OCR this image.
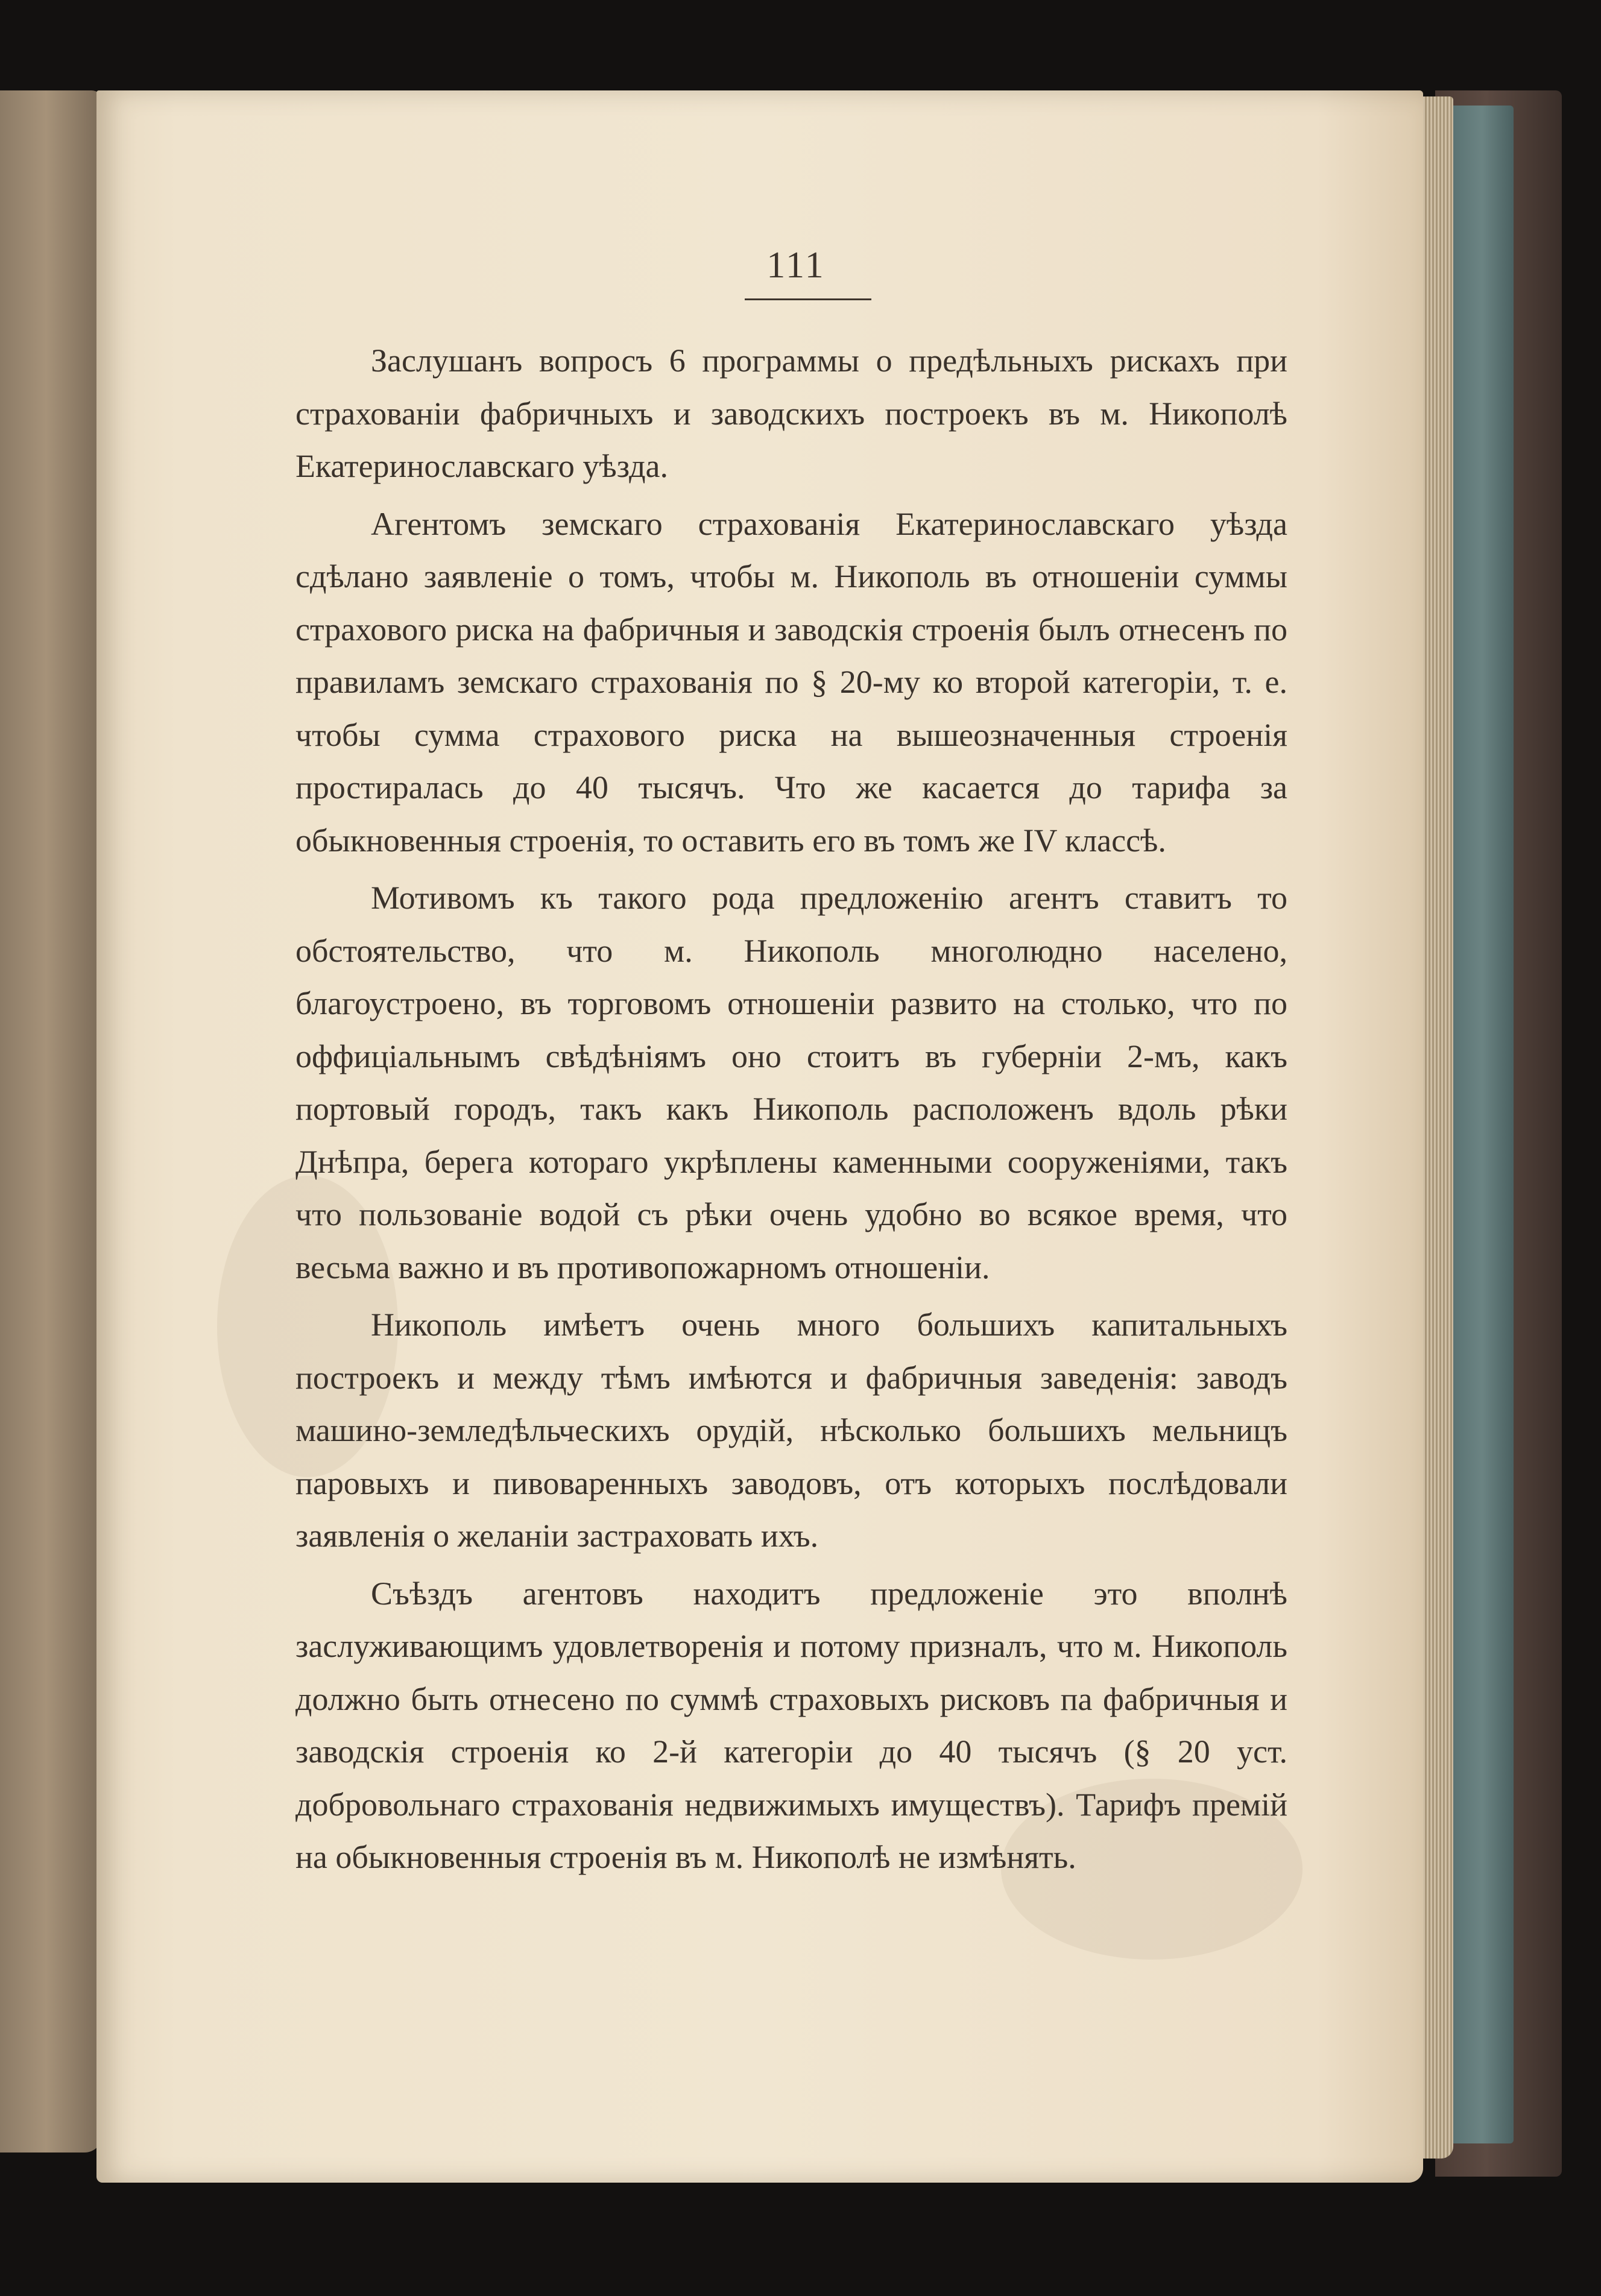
111

Заслушанъ вопросъ 6 программы о предѣльныхъ рискахъ при страхованіи фабричныхъ и заводскихъ построекъ въ м. Никополѣ Екатеринославскаго уѣзда.

Агентомъ земскаго страхованія Екатеринославскаго уѣзда сдѣлано заявленіе о томъ, чтобы м. Никополь въ отношеніи суммы страхового риска на фабричныя и заводскія строенія былъ отнесенъ по правиламъ земскаго страхованія по § 20-му ко второй категоріи, т. е. чтобы сумма страхового риска на вышеозначенныя строенія простиралась до 40 тысячъ. Что же касается до тарифа за обыкновенныя строенія, то оставить его въ томъ же IV классѣ.

Мотивомъ къ такого рода предложенію агентъ ставитъ то обстоятельство, что м. Никополь многолюдно населено, благоустроено, въ торговомъ отношеніи развито на столько, что по оффиціальнымъ свѣдѣніямъ оно стоитъ въ губерніи 2-мъ, какъ портовый городъ, такъ какъ Никополь расположенъ вдоль рѣки Днѣпра, берега котораго укрѣплены каменными сооруженіями, такъ что пользованіе водой съ рѣки очень удобно во всякое время, что весьма важно и въ противопожарномъ отношеніи.

Никополь имѣетъ очень много большихъ капитальныхъ построекъ и между тѣмъ имѣются и фабричныя заведенія: заводъ машино-земледѣльческихъ орудій, нѣсколько большихъ мельницъ паровыхъ и пивоваренныхъ заводовъ, отъ которыхъ послѣдовали заявленія о желаніи застраховать ихъ.

Съѣздъ агентовъ находитъ предложеніе это вполнѣ заслуживающимъ удовлетворенія и потому призналъ, что м. Никополь должно быть отнесено по суммѣ страховыхъ рисковъ па фабричныя и заводскія строенія ко 2-й категоріи до 40 тысячъ (§ 20 уст. добровольнаго страхованія недвижимыхъ имуществъ). Тарифъ премій на обыкновенныя строенія въ м. Никополѣ не измѣнять.
